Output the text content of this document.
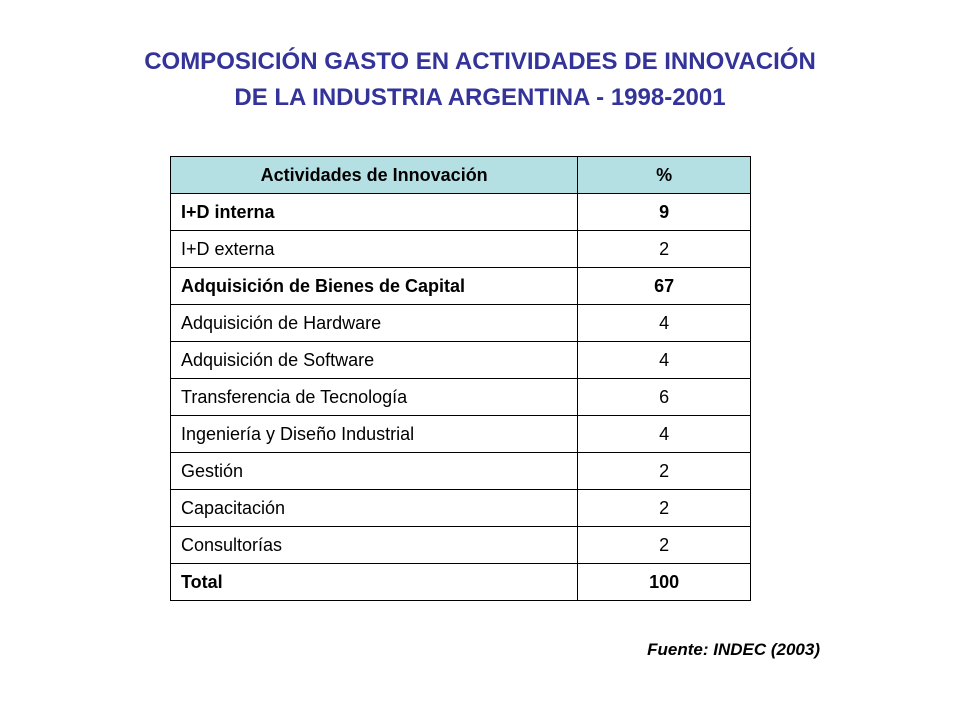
COMPOSICIÓN GASTO EN ACTIVIDADES DE INNOVACIÓN
DE LA INDUSTRIA ARGENTINA - 1998-2001
Actividades de Innovación	%
I+D interna	9
I+D externa	2
Adquisición de Bienes de Capital	67
Adquisición de Hardware	4
Adquisición de Software	4
Transferencia de Tecnología	6
Ingeniería y Diseño Industrial	4
Gestión	2
Capacitación	2
Consultorías	2
Total	100
Fuente: INDEC (2003)
